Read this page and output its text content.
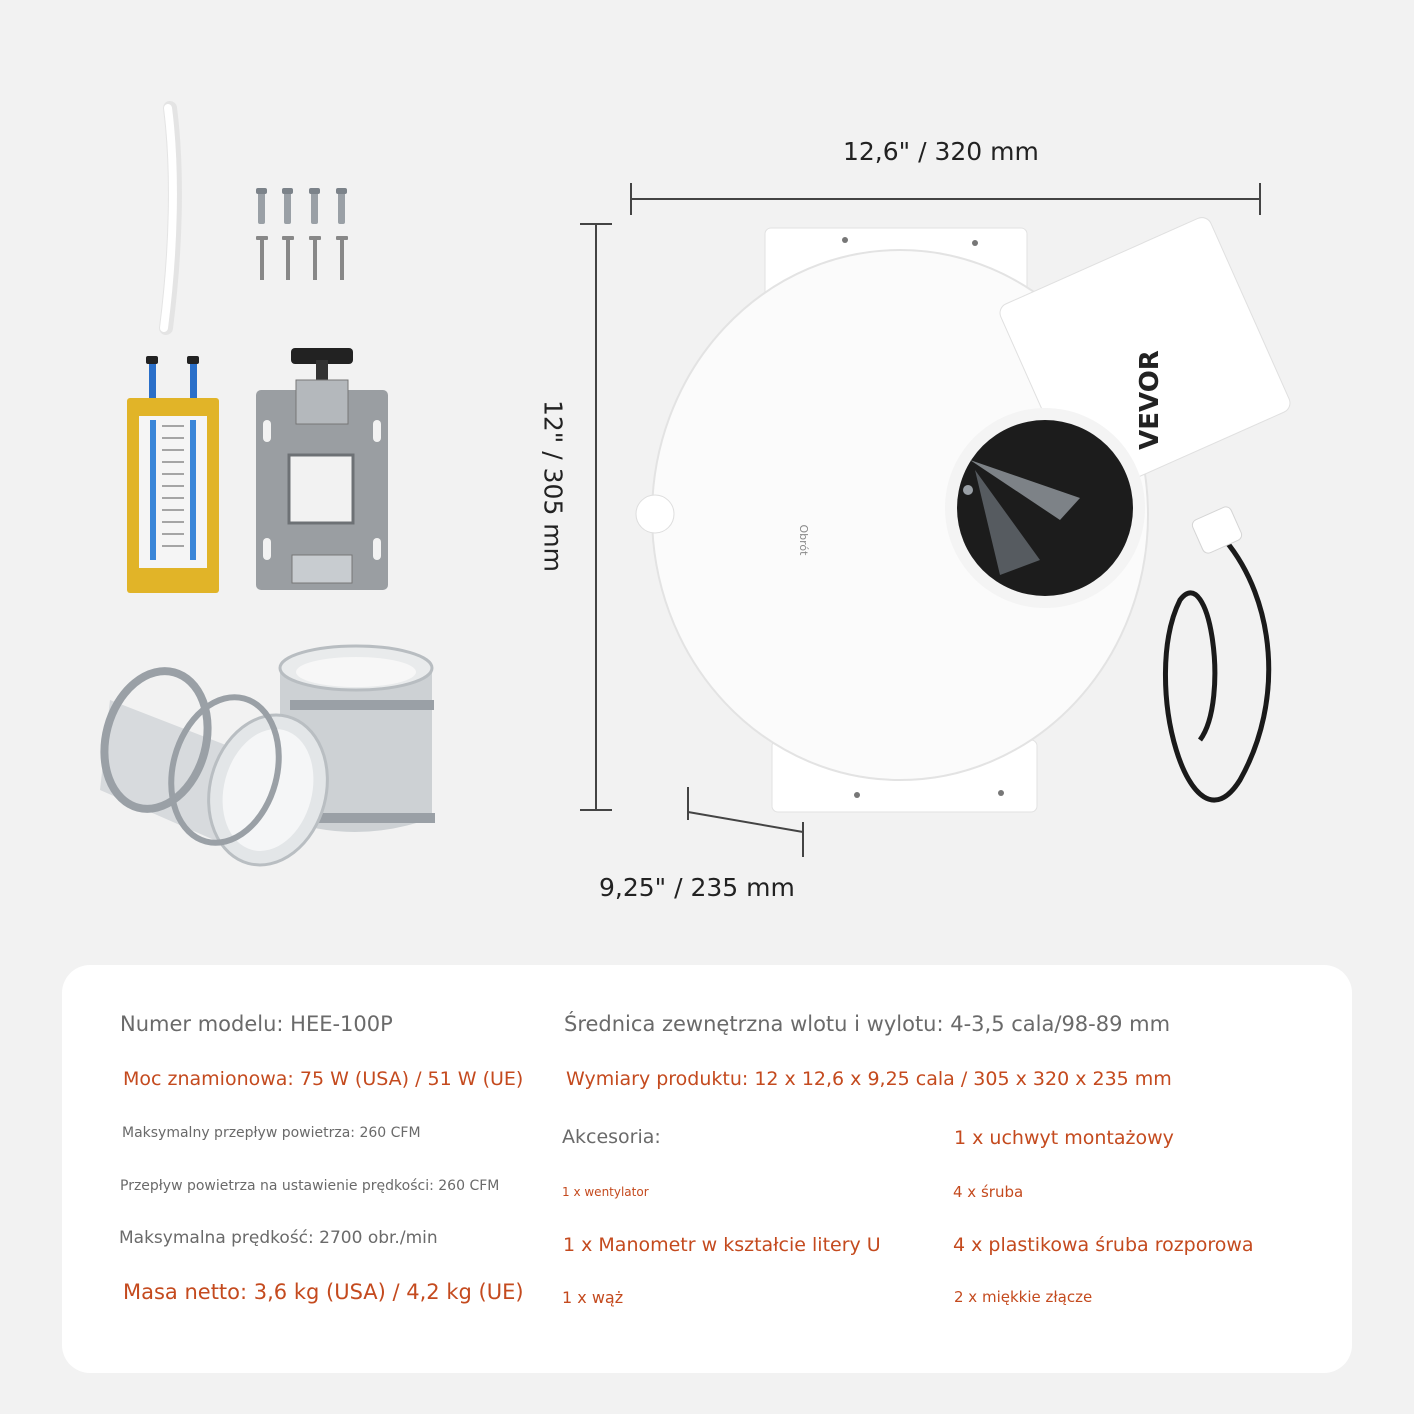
VEVOR
Obrót
12,6" / 320 mm
12" / 305 mm
9,25" / 235 mm
Numer modelu: HEE-100P
Moc znamionowa: 75 W (USA) / 51 W (UE)
Maksymalny przepływ powietrza: 260 CFM
Przepływ powietrza na ustawienie prędkości: 260 CFM
Maksymalna prędkość: 2700 obr./min
Masa netto: 3,6 kg (USA) / 4,2 kg (UE)
Średnica zewnętrzna wlotu i wylotu: 4-3,5 cala/98-89 mm
Wymiary produktu: 12 x 12,6 x 9,25 cala / 305 x 320 x 235 mm
Akcesoria:	1 x uchwyt montażowy
1 x wentylator	4 x śruba
1 x Manometr w kształcie litery U	4 x plastikowa śruba rozporowa
1 x wąż	2 x miękkie złącze
